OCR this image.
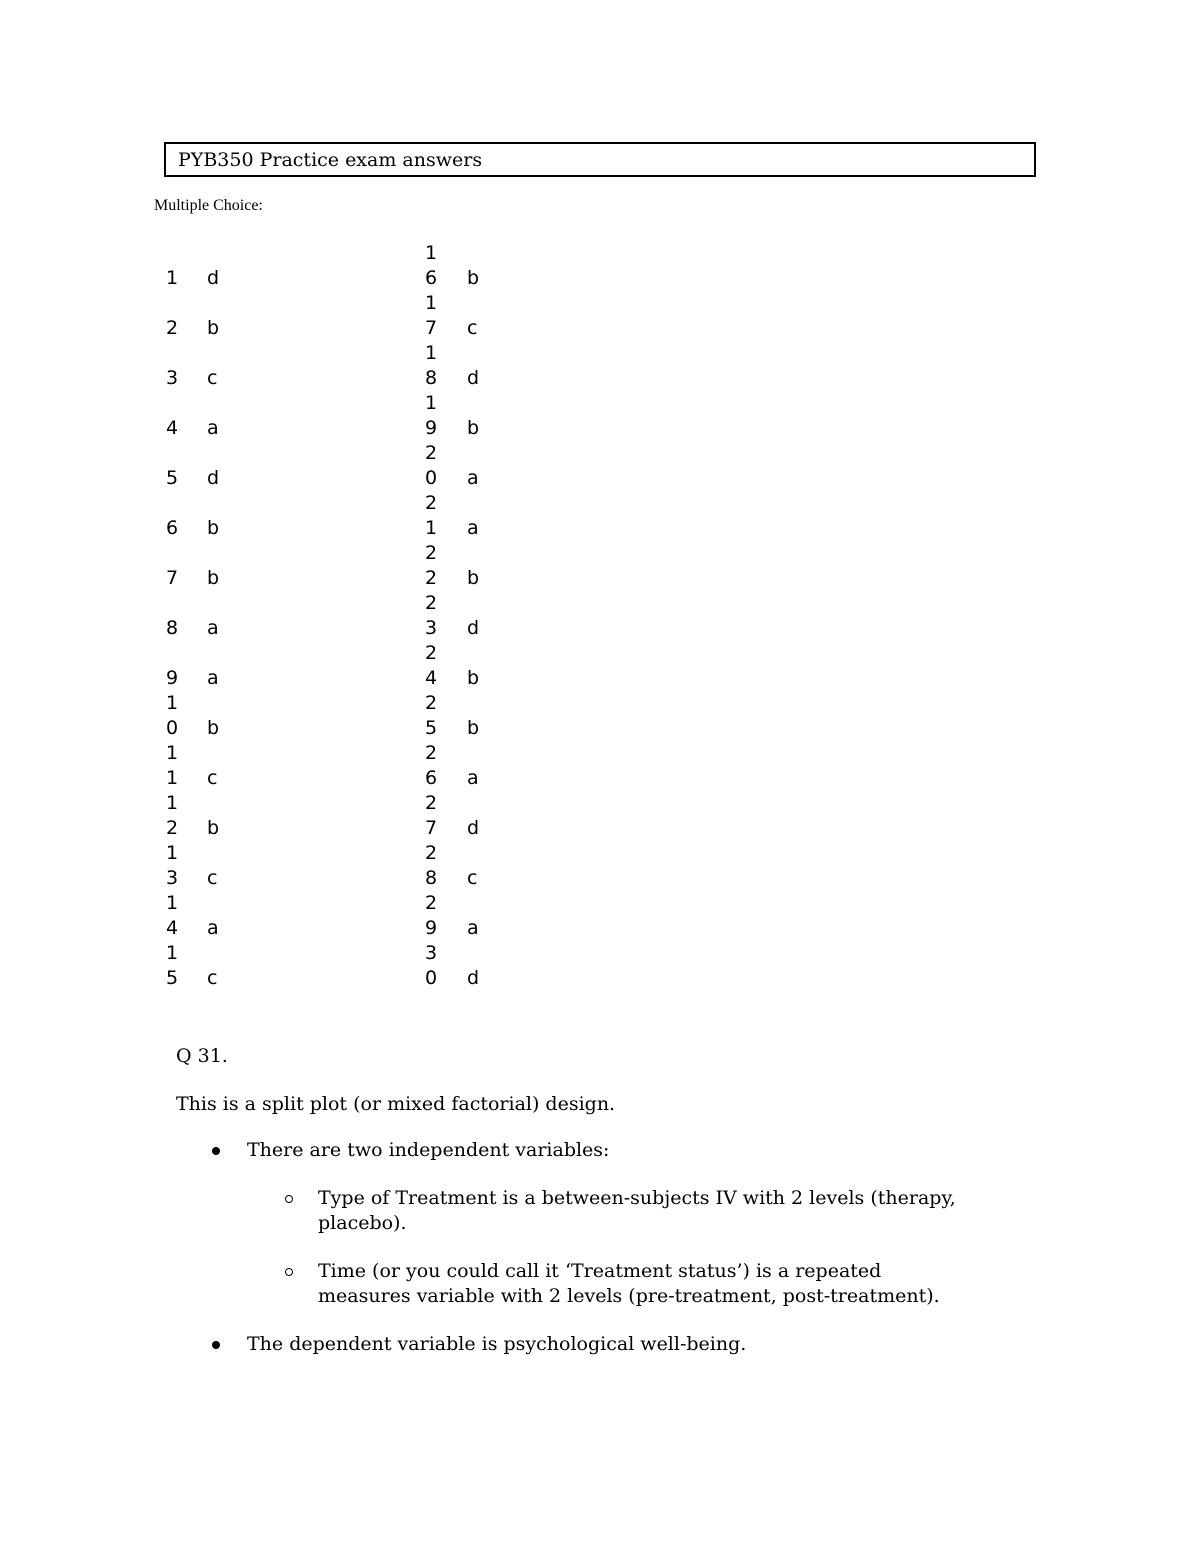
PYB350 Practice exam answers
Multiple Choice:
1 d
2 b
3 c
4 a
5 d
6 b
7 b
8 a
9 a
1
0 b
1
1 c
1
2 b
1
3 c
1
4 a
1
5 c
1
6 b
1
7 c
1
8 d
1
9 b
2
0 a
2
1 a
2
2 b
2
3 d
2
4 b
2
5 b
2
6 a
2
7 d
2
8 c
2
9 a
3
0 d
Q 31.
This is a split plot (or mixed factorial) design.
There are two independent variables:
Type of Treatment is a between-subjects IV with 2 levels (therapy,
placebo).
Time (or you could call it ‘Treatment status’) is a repeated
measures variable with 2 levels (pre-treatment, post-treatment).
The dependent variable is psychological well-being.
